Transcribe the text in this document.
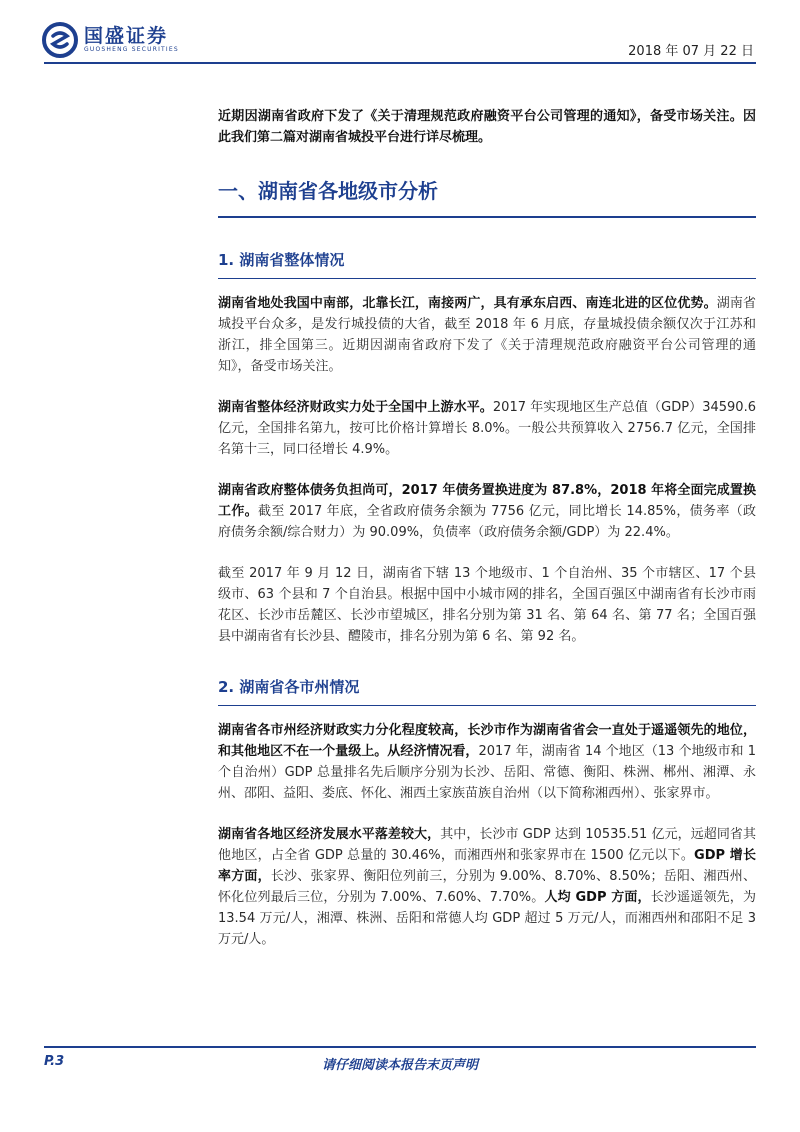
国盛证券
GUOSHENG SECURITIES	2018 年 07 月 22 日

近期因湖南省政府下发了《关于清理规范政府融资平台公司管理的通知》，备受市场关注。因此我们第二篇对湖南省城投平台进行详尽梳理。

一、湖南省各地级市分析
1. 湖南省整体情况

湖南省地处我国中南部，北靠长江，南接两广，具有承东启西、南连北进的区位优势。湖南省城投平台众多，是发行城投债的大省，截至 2018 年 6 月底，存量城投债余额仅次于江苏和浙江，排全国第三。近期因湖南省政府下发了《关于清理规范政府融资平台公司管理的通知》，备受市场关注。

湖南省整体经济财政实力处于全国中上游水平。2017 年实现地区生产总值（GDP）34590.6 亿元，全国排名第九，按可比价格计算增长 8.0%。一般公共预算收入 2756.7 亿元，全国排名第十三，同口径增长 4.9%。

湖南省政府整体债务负担尚可，2017 年债务置换进度为 87.8%，2018 年将全面完成置换工作。截至 2017 年底，全省政府债务余额为 7756 亿元，同比增长 14.85%，债务率（政府债务余额/综合财力）为 90.09%，负债率（政府债务余额/GDP）为 22.4%。

截至 2017 年 9 月 12 日，湖南省下辖 13 个地级市、1 个自治州、35 个市辖区、17 个县级市、63 个县和 7 个自治县。根据中国中小城市网的排名，全国百强区中湖南省有长沙市雨花区、长沙市岳麓区、长沙市望城区，排名分别为第 31 名、第 64 名、第 77 名；全国百强县中湖南省有长沙县、醴陵市，排名分别为第 6 名、第 92 名。

2. 湖南省各市州情况

湖南省各市州经济财政实力分化程度较高，长沙市作为湖南省省会一直处于遥遥领先的地位，和其他地区不在一个量级上。从经济情况看，2017 年，湖南省 14 个地区（13 个地级市和 1 个自治州）GDP 总量排名先后顺序分别为长沙、岳阳、常德、衡阳、株洲、郴州、湘潭、永州、邵阳、益阳、娄底、怀化、湘西土家族苗族自治州（以下简称湘西州）、张家界市。

湖南省各地区经济发展水平落差较大，其中，长沙市 GDP 达到 10535.51 亿元，远超同省其他地区，占全省 GDP 总量的 30.46%，而湘西州和张家界市在 1500 亿元以下。GDP 增长率方面，长沙、张家界、衡阳位列前三，分别为 9.00%、8.70%、8.50%；岳阳、湘西州、怀化位列最后三位，分别为 7.00%、7.60%、7.70%。人均 GDP 方面，长沙遥遥领先，为 13.54 万元/人，湘潭、株洲、岳阳和常德人均 GDP 超过 5 万元/人，而湘西州和邵阳不足 3 万元/人。

P.3	请仔细阅读本报告末页声明
